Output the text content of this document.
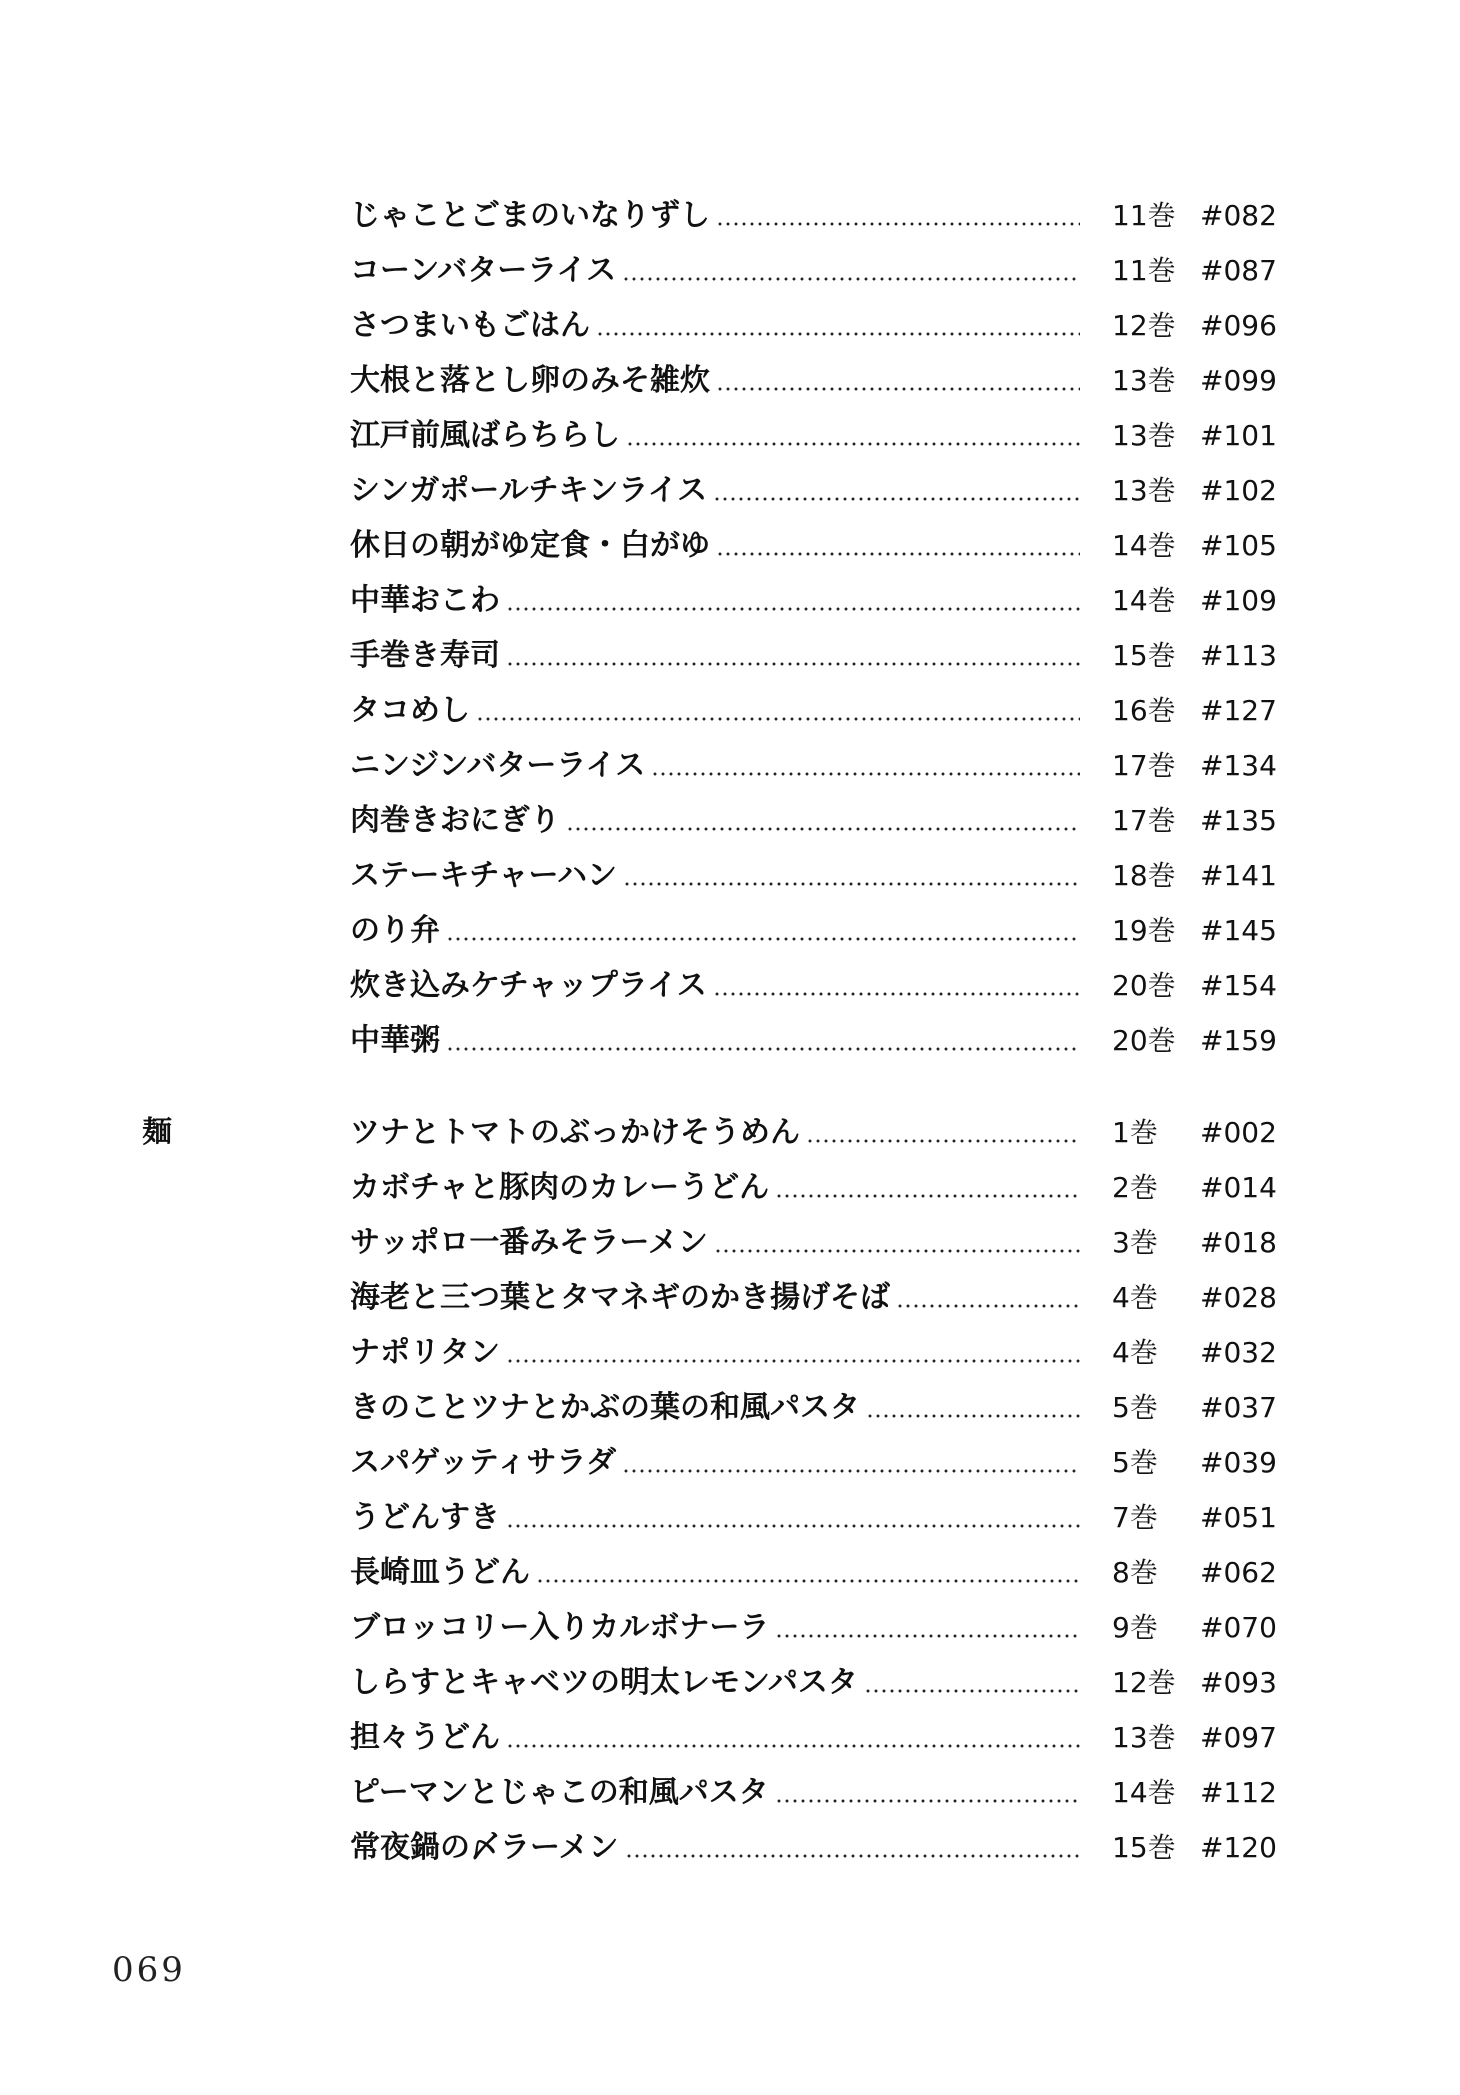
じゃことごまのいなりずし	11巻 #082
コーンバターライス	11巻 #087
さつまいもごはん	12巻 #096
大根と落とし卵のみそ雑炊	13巻 #099
江戸前風ばらちらし	13巻 #101
シンガポールチキンライス	13巻 #102
休日の朝がゆ定食・白がゆ	14巻 #105
中華おこわ	14巻 #109
手巻き寿司	15巻 #113
タコめし	16巻 #127
ニンジンバターライス	17巻 #134
肉巻きおにぎり	17巻 #135
ステーキチャーハン	18巻 #141
のり弁	19巻 #145
炊き込みケチャップライス	20巻 #154
中華粥	20巻 #159
麺	ツナとトマトのぶっかけそうめん	1巻	#002
カボチャと豚肉のカレーうどん	2巻	#014
サッポロ一番みそラーメン	3巻	#018
海老と三つ葉とタマネギのかき揚げそば	4巻	#028
ナポリタン	4巻	#032
きのことツナとかぶの葉の和風パスタ	5巻	#037
スパゲッティサラダ	5巻	#039
うどんすき	7巻	#051
長崎皿うどん	8巻	#062
ブロッコリー入りカルボナーラ	9巻	#070
しらすとキャベツの明太レモンパスタ	12巻 #093
担々うどん	13巻 #097
ピーマンとじゃこの和風パスタ	14巻 #112
常夜鍋の〆ラーメン	15巻 #120
069
